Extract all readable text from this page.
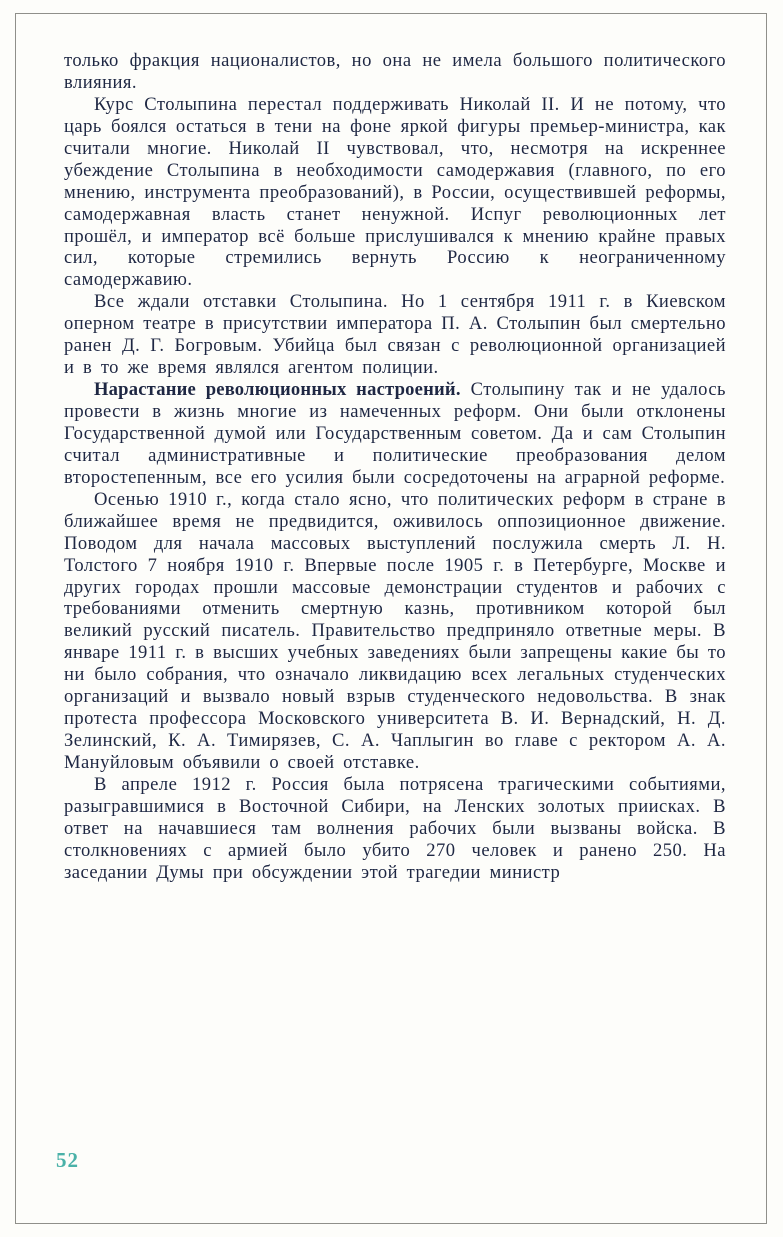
только фракция националистов, но она не имела большого политического влияния.

Курс Столыпина перестал поддерживать Николай II. И не потому, что царь боялся остаться в тени на фоне яркой фигуры премьер-министра, как считали многие. Николай II чувствовал, что, несмотря на искреннее убеждение Столыпина в необходимости самодержавия (главного, по его мнению, инструмента преобразований), в России, осуществившей реформы, самодержавная власть станет ненужной. Испуг революционных лет прошёл, и император всё больше прислушивался к мнению крайне правых сил, которые стремились вернуть Россию к неограниченному самодержавию.

Все ждали отставки Столыпина. Но 1 сентября 1911 г. в Киевском оперном театре в присутствии императора П. А. Столыпин был смертельно ранен Д. Г. Богровым. Убийца был связан с революционной организацией и в то же время являлся агентом полиции.

Нарастание революционных настроений. Столыпину так и не удалось провести в жизнь многие из намеченных реформ. Они были отклонены Государственной думой или Государственным советом. Да и сам Столыпин считал административные и политические преобразования делом второстепенным, все его усилия были сосредоточены на аграрной реформе.

Осенью 1910 г., когда стало ясно, что политических реформ в стране в ближайшее время не предвидится, оживилось оппозиционное движение. Поводом для начала массовых выступлений послужила смерть Л. Н. Толстого 7 ноября 1910 г. Впервые после 1905 г. в Петербурге, Москве и других городах прошли массовые демонстрации студентов и рабочих с требованиями отменить смертную казнь, противником которой был великий русский писатель. Правительство предприняло ответные меры. В январе 1911 г. в высших учебных заведениях были запрещены какие бы то ни было собрания, что означало ликвидацию всех легальных студенческих организаций и вызвало новый взрыв студенческого недовольства. В знак протеста профессора Московского университета В. И. Вернадский, Н. Д. Зелинский, К. А. Тимирязев, С. А. Чаплыгин во главе с ректором А. А. Мануйловым объявили о своей отставке.

В апреле 1912 г. Россия была потрясена трагическими событиями, разыгравшимися в Восточной Сибири, на Ленских золотых приисках. В ответ на начавшиеся там волнения рабочих были вызваны войска. В столкновениях с армией было убито 270 человек и ранено 250. На заседании Думы при обсуждении этой трагедии министр

52
